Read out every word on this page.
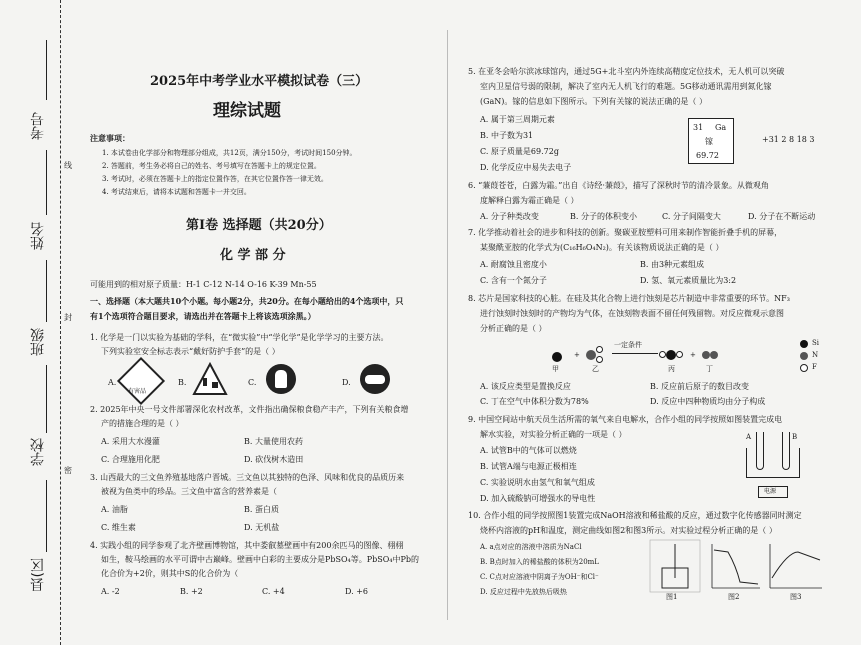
考号
姓名
班级
学校
县(区
线
封
密
2025年中考学业水平模拟试卷（三）
理综试题
注意事项：
1. 本试卷由化学部分和物理部分组成，共12页，满分150分，考试时间150分钟。
2. 答题前，考生务必将自己的姓名、考号填写在答题卡上的规定位置。
3. 考试时，必须在答题卡上的指定位置作答，在其它位置作答一律无效。
4. 考试结束后，请将本试题和答题卡一并交回。
第Ⅰ卷 选择题（共20分）
化 学 部 分
可能用到的相对原子质量：H-1 C-12 N-14 O-16 K-39 Mn-55
一、选择题（本大题共10个小题。每小题2分，共20分。在每小题给出的4个选项中，只
有1个选项符合题目要求，请选出并在答题卡上将该选项涂黑。）
1. 化学是一门以实验为基础的学科，在“微实验”中“学化学”是化学学习的主要方法。
下列实验室安全标志表示“戴好防护手套”的是（ ）
A.
有害品
B.	C.	D.
2. 2025年中央一号文件部署深化农村改革，文件指出确保粮食稳产丰产，下列有关粮食增
产的措施合理的是（ ）
A. 采用大水漫灌	B. 大量使用农药
C. 合理施用化肥	D. 砍伐树木造田
3. 山西最大的三文鱼养殖基地落户晋城。三文鱼以其独特的色泽、风味和优良的品质历来
被视为鱼类中的珍品。三文鱼中富含的营养素是（
A. 油脂	B. 蛋白质
C. 维生素	D. 无机盐
4. 实践小组的同学参观了北齐壁画博物馆，其中娄叡墓壁画中有200余匹马的图像、栩栩
如生，鞍马绘画的水平可谓中古巅峰。壁画中白彩的主要成分是PbSO₄等。PbSO₄中Pb的
化合价为+2价，则其中S的化合价为（
A. -2	B. +2	C. +4	D. +6
5. 在亚冬会哈尔滨冰球馆内，通过5G+北斗室内外连续高精度定位技术，无人机可以突破
室内卫星信号弱的限制，解决了室内无人机飞行的难题。5G移动通讯需用到氮化镓
(GaN)。镓的信息如下图所示。下列有关镓的说法正确的是（ ）
A. 属于第三周期元素
B. 中子数为31
C. 原子质量是69.72g
D. 化学反应中易失去电子
31 Ga
镓
69.72
+31 2 8 18 3
6. “蒹葭苍苍，白露为霜。”出自《诗经·蒹葭》，描写了深秋时节的清冷景象。从微观角
度解释白露为霜正确是（ ）
A. 分子种类改变	B. 分子的体积变小	C. 分子间隔变大	D. 分子在不断运动
7. 化学推动着社会的进步和科技的创新。聚碳亚胺塑料可用来制作智能折叠手机的屏幕，
某聚酰亚胺的化学式为(C₁₆H₆O₄N₂)。有关该物质说法正确的是（ ）
A. 耐腐蚀且密度小	B. 由3种元素组成
C. 含有一个氮分子	D. 氢、氧元素质量比为3:2
8. 芯片是国家科技的心脏。在硅及其化合物上进行蚀刻是芯片制造中非常重要的环节。NF₃
进行蚀刻时蚀刻时的产物均为气体，在蚀刻物表面不留任何残留物。对反应微观示意图
分析正确的是（ ）
+
一定条件
+
甲	乙	丙	丁
Si
N
F
A. 该反应类型是置换反应	B. 反应前后原子的数目改变
C. 丁在空气中体积分数为78%	D. 反应中四种物质均由分子构成
9. 中国空间站中航天员生活所需的氧气来自电解水，合作小组的同学按照如图装置完成电
解水实验，对实验分析正确的一项是（ ）
A. 试管B中的气体可以燃烧
B. 试管A端与电源正极相连
C. 实验说明水由氢气和氧气组成
D. 加入硫酸钠可增强水的导电性
A	B
电源
10. 合作小组的同学按照图1装置完成NaOH溶液和稀盐酸的反应，通过数字化传感器同时测定
烧杯内溶液的pH和温度，测定曲线如图2和图3所示。对实验过程分析正确的是（ ）
A. a点对应的溶液中溶质为NaCl
B. B点时加入的稀盐酸的体积为20mL
C. C点对应溶液中阴离子为OH⁻和Cl⁻
D. 反应过程中先放热后吸热
图1	图2	图3
